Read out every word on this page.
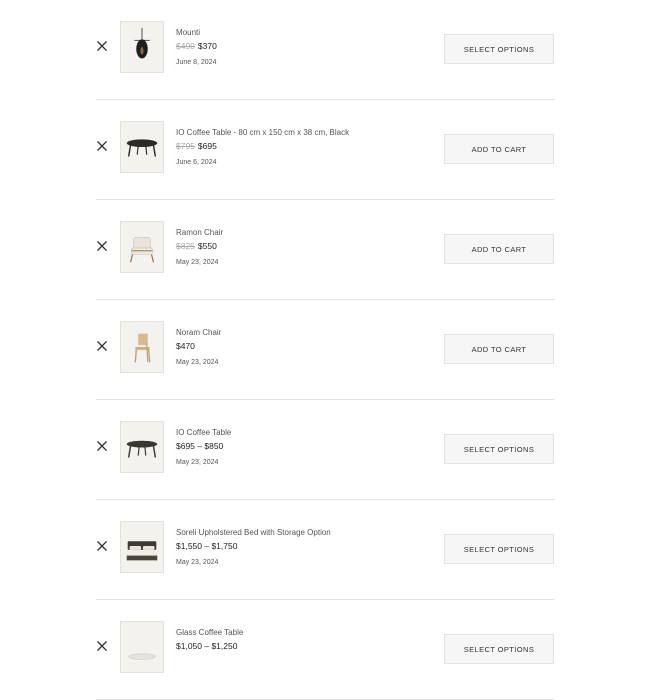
Mounti
$490 $370
June 8, 2024
SELECT OPTIONS
IO Coffee Table - 80 cm x 150 cm x 38 cm, Black
$795 $695
June 6, 2024
ADD TO CART
Ramon Chair
$825 $550
May 23, 2024
ADD TO CART
Noram Chair
$470
May 23, 2024
ADD TO CART
IO Coffee Table
$695 – $850
May 23, 2024
SELECT OPTIONS
Soreli Upholstered Bed with Storage Option
$1,550 – $1,750
May 23, 2024
SELECT OPTIONS
Glass Coffee Table
$1,050 – $1,250	SELECT OPTIONS
